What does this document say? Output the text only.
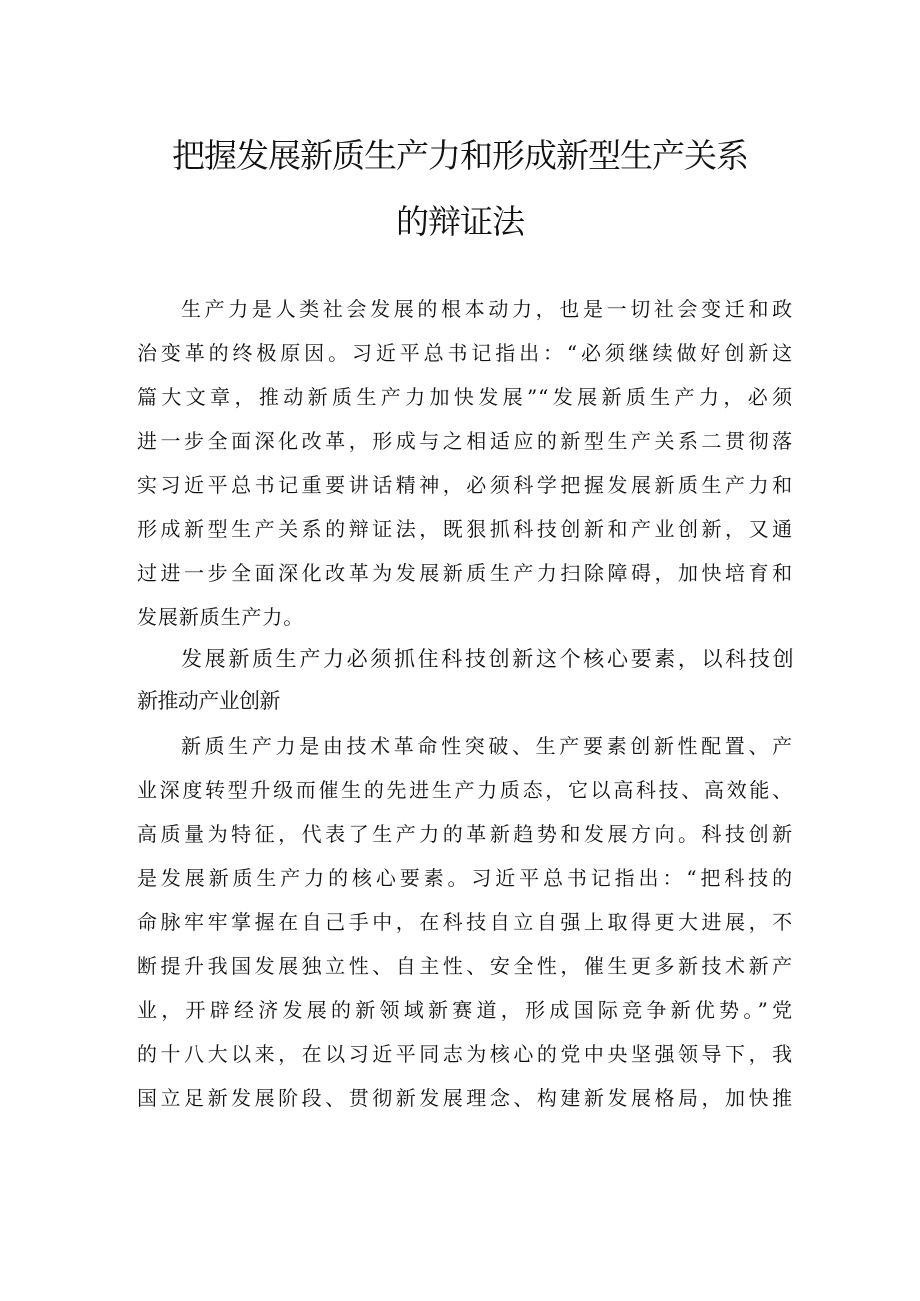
把握发展新质生产力和形成新型生产关系
的辩证法
生产力是人类社会发展的根本动力，也是一切社会变迁和政
治变革的终极原因。习近平总书记指出：“必须继续做好创新这
篇大文章，推动新质生产力加快发展”“发展新质生产力，必须
进一步全面深化改革，形成与之相适应的新型生产关系二贯彻落
实习近平总书记重要讲话精神，必须科学把握发展新质生产力和
形成新型生产关系的辩证法，既狠抓科技创新和产业创新，又通
过进一步全面深化改革为发展新质生产力扫除障碍，加快培育和
发展新质生产力。
发展新质生产力必须抓住科技创新这个核心要素，以科技创
新推动产业创新
新质生产力是由技术革命性突破、生产要素创新性配置、产
业深度转型升级而催生的先进生产力质态，它以高科技、高效能、
高质量为特征，代表了生产力的革新趋势和发展方向。科技创新
是发展新质生产力的核心要素。习近平总书记指出：“把科技的
命脉牢牢掌握在自己手中，在科技自立自强上取得更大进展，不
断提升我国发展独立性、自主性、安全性，催生更多新技术新产
业，开辟经济发展的新领域新赛道，形成国际竞争新优势。”党
的十八大以来，在以习近平同志为核心的党中央坚强领导下，我
国立足新发展阶段、贯彻新发展理念、构建新发展格局，加快推
